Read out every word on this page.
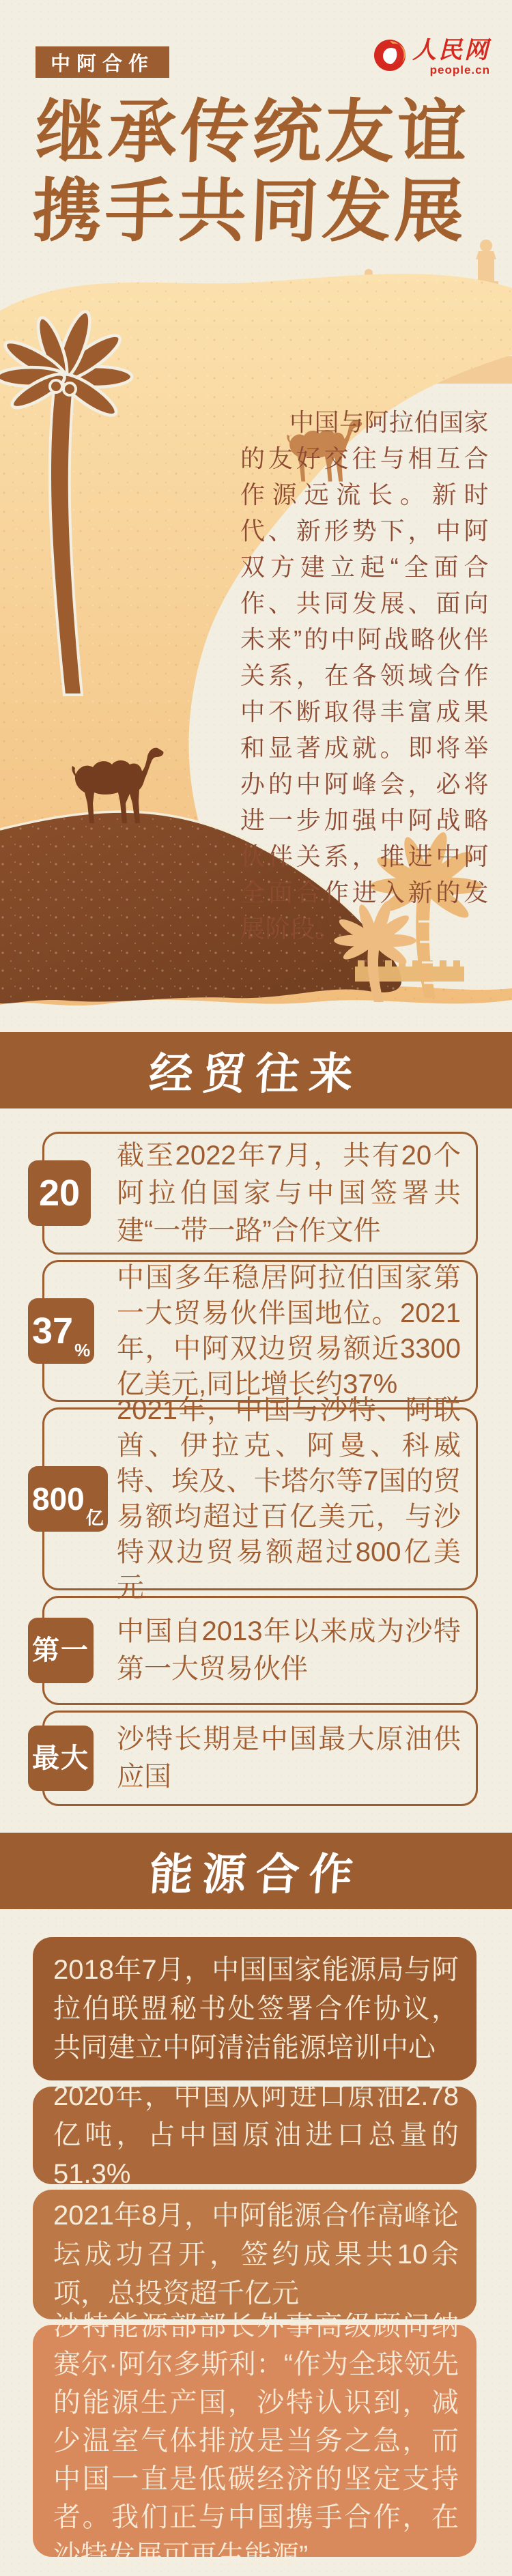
中阿合作
人民网
people.cn
继承传统友谊
携手共同发展
中国与阿拉伯国家的友好交往与相互合作源远流长。新时代、新形势下，中阿双方建立起“全面合作、共同发展、面向未来”的中阿战略伙伴关系，在各领域合作中不断取得丰富成果和显著成就。即将举办的中阿峰会，必将进一步加强中阿战略伙伴关系，推进中阿全面合作进入新的发展阶段。
经贸往来
20
截至2022年7月，共有20个阿拉伯国家与中国签署共建“一带一路”合作文件
37 %
中国多年稳居阿拉伯国家第一大贸易伙伴国地位。2021年，中阿双边贸易额近3300亿美元,同比增长约37%
800
亿
2021年，中国与沙特、阿联酋、伊拉克、阿曼、科威特、埃及、卡塔尔等7国的贸易额均超过百亿美元，与沙特双边贸易额超过800亿美元
第一
中国自2013年以来成为沙特第一大贸易伙伴
最大
沙特长期是中国最大原油供应国
能源合作
2018年7月，中国国家能源局与阿拉伯联盟秘书处签署合作协议，共同建立中阿清洁能源培训中心
2020年，中国从阿进口原油2.78亿吨，占中国原油进口总量的51.3%
2021年8月，中阿能源合作高峰论坛成功召开，签约成果共10余项，总投资超千亿元
沙特能源部部长外事高级顾问纳赛尔·阿尔多斯利：“作为全球领先的能源生产国，沙特认识到，减少温室气体排放是当务之急，而中国一直是低碳经济的坚定支持者。我们正与中国携手合作，在沙特发展可再生能源”
